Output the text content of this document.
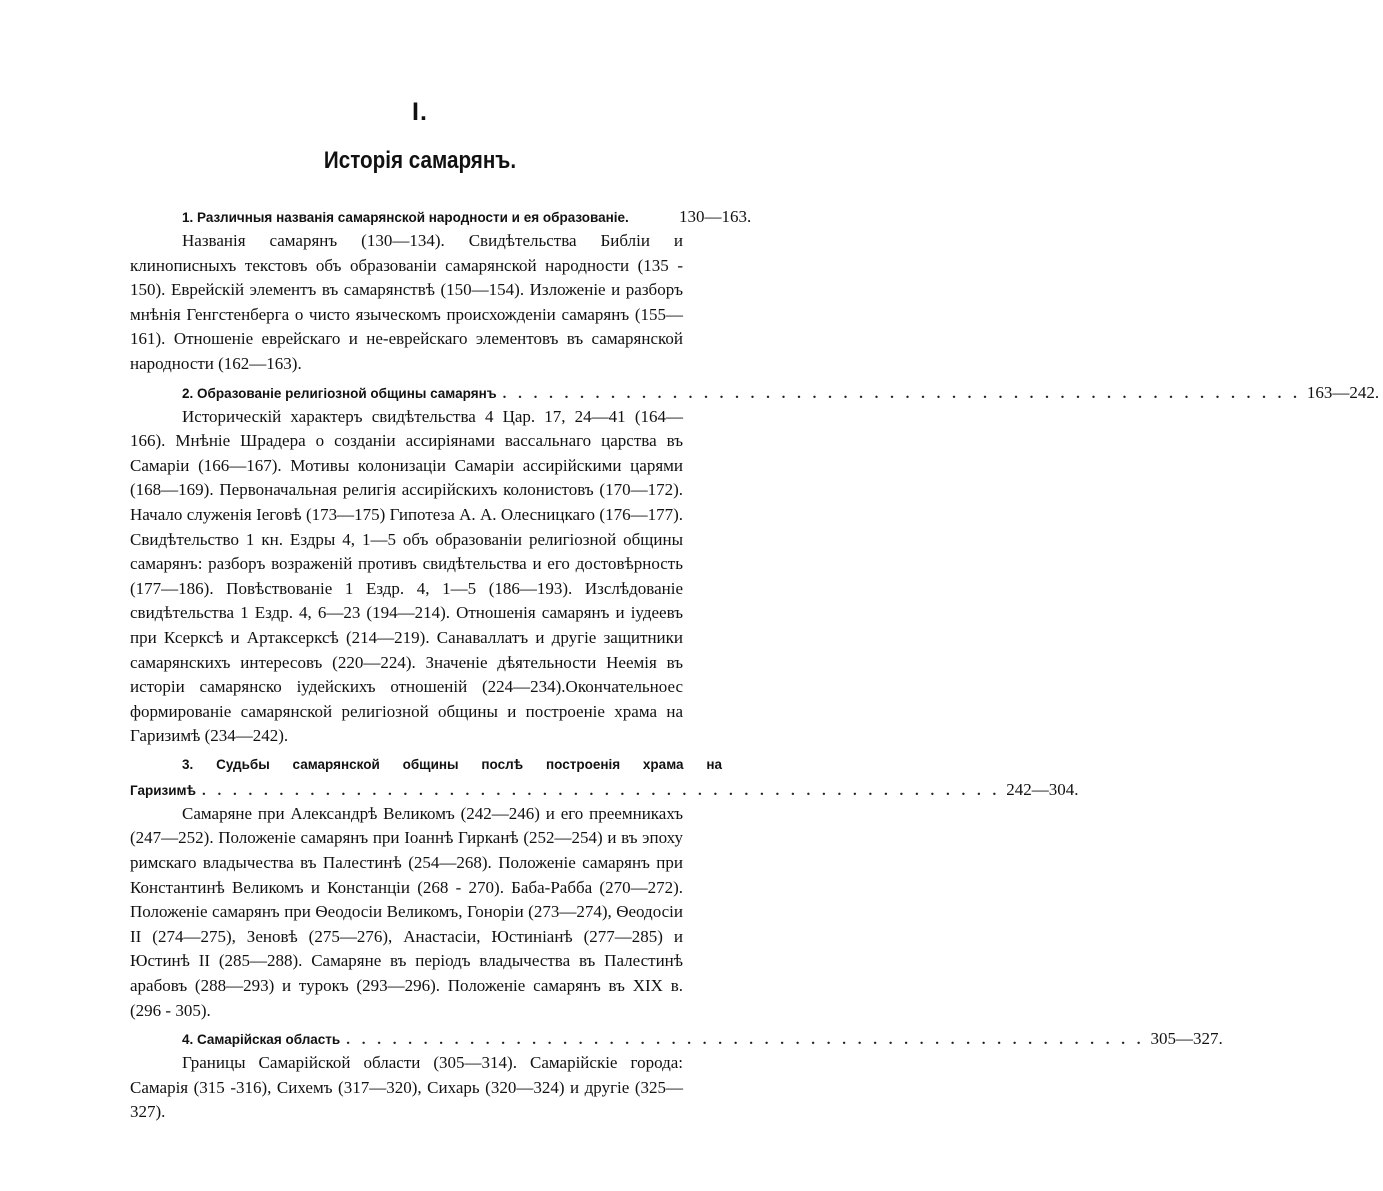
I.
Исторія самарянъ.
1. Различныя названія самарянской народности и ея образованіе.	130—163.
Названія самарянъ (130—134). Свидѣтельства Библіи и клинописныхъ текстовъ объ образованіи самарянской народности (135 - 150). Еврейскій элементъ въ самарянствѣ (150—154). Изложеніе и разборъ мнѣнія Генгстенберга о чисто языческомъ происхожденіи самарянъ (155—161). Отношеніе еврейскаго и не-еврейскаго элементовъ въ самарянской народности (162—163).
2. Образованіе религіозной общины самарянъ . . . . . . . . . . . . . . . . . . . . . . . . . . . . . . . . . . . . . . . . . . . . . . . . . . . . 163—242.
Историческій характеръ свидѣтельства 4 Цар. 17, 24—41 (164—166). Мнѣніе Шрадера о созданіи ассиріянами вассальнаго царства въ Самаріи (166—167). Мотивы колонизаціи Самаріи ассирійскими царями (168—169). Первоначальная религія ассирійскихъ колонистовъ (170—172). Начало служенія Іеговѣ (173—175) Гипотеза А. А. Олесницкаго (176—177). Свидѣтельство 1 кн. Ездры 4, 1—5 объ образованіи религіозной общины самарянъ: разборъ возраженій противъ свидѣтельства и его достовѣрность (177—186). Повѣствованіе 1 Ездр. 4, 1—5 (186—193). Изслѣдованіе свидѣтельства 1 Ездр. 4, 6—23 (194—214). Отношенія самарянъ и іудеевъ при Ксерксѣ и Артаксерксѣ (214—219). Санаваллатъ и другіе защитники самарянскихъ интересовъ (220—224). Значеніе дѣятельности Неемія въ исторіи самарянско іудейскихъ отношеній (224—234).Окончательноес формированіе самарянской религіозной общины и построеніе храма на Гаризимѣ (234—242).
3. Судьбы самарянской общины послѣ построенія храма на
Гаризимѣ . . . . . . . . . . . . . . . . . . . . . . . . . . . . . . . . . . . . . . . . . . . . . . . . . . . . 242—304.
Самаряне при Александрѣ Великомъ (242—246) и его преемникахъ (247—252). Положеніе самарянъ при Іоаннѣ Гирканѣ (252—254) и въ эпоху римскаго владычества въ Палестинѣ (254—268). Положеніе самарянъ при Константинѣ Великомъ и Констанціи (268 - 270). Баба-Рабба (270—272). Положеніе самарянъ при Ѳеодосіи Великомъ, Гоноріи (273—274), Ѳеодосіи II (274—275), Зеновѣ (275—276), Анастасіи, Юстиніанѣ (277—285) и Юстинѣ II (285—288). Самаряне въ періодъ владычества въ Палестинѣ арабовъ (288—293) и турокъ (293—296). Положеніе самарянъ въ XIX в. (296 - 305).
4. Самарійская область . . . . . . . . . . . . . . . . . . . . . . . . . . . . . . . . . . . . . . . . . . . . . . . . . . . . 305—327.
Границы Самарійской области (305—314). Самарійскіе города: Самарія (315 -316), Сихемъ (317—320), Сихарь (320—324) и другіе (325—327).
